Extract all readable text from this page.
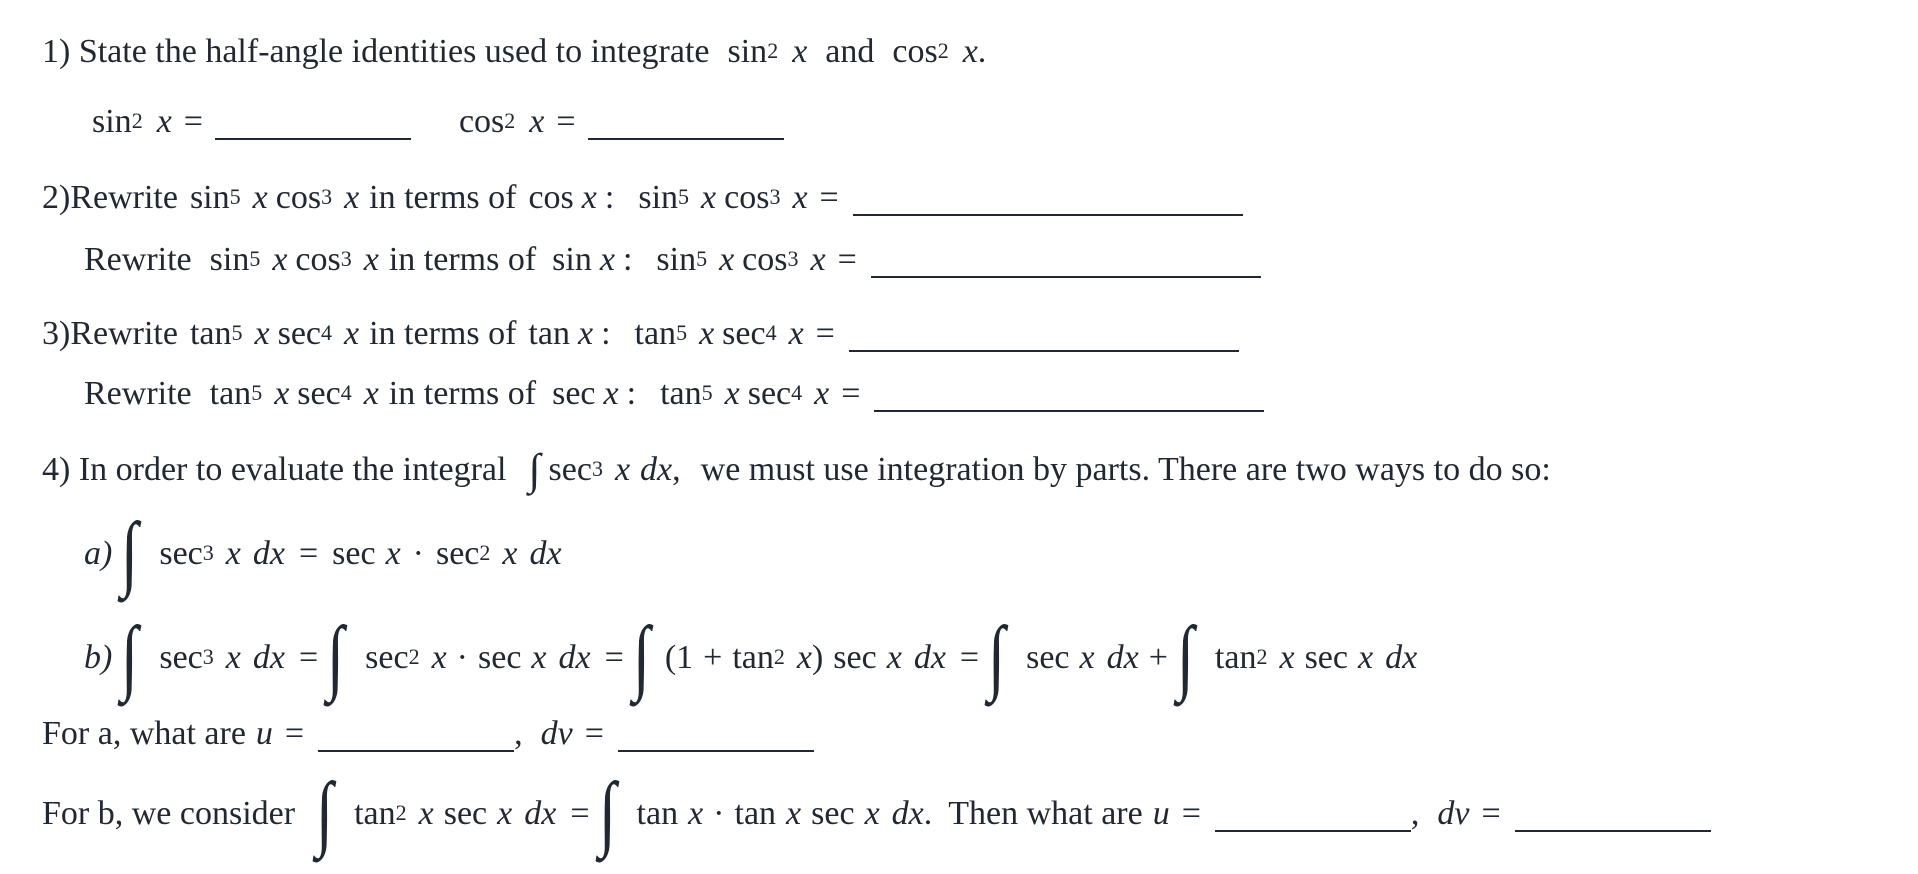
1) State the half-angle identities used to integrate $\sin^2 x$ and $\cos^2 x$ .
$\sin^2 x$ =	$\cos^2 x$ =
2)Rewrite $\sin^5 x$ $\cos^3 x$ in terms of cos x : $\sin^5 x$ $\cos^3 x$ =
Rewrite $\sin^5 x$ $\cos^3 x$ in terms of sin x : $\sin^5 x$ $\cos^3 x$ =
3)Rewrite $\tan^5 x$ $\sec^4 x$ in terms of tan x : $\tan^5 x$ $\sec^4 x$ =
Rewrite $\tan^5 x$ $\sec^4 x$ in terms of sec x : $\tan^5 x$ $\sec^4 x$ =
4) In order to evaluate the integral ∫ $\sec^3 x$ dx , we must use integration by parts. There are two ways to do so:
a) ∫ $\sec^3 x$ dx = $\sec x \cdot \sec^2 x$ dx
b) ∫ $\sec^3 x$ dx = ∫ $\sec^2 x \cdot \sec x$ dx = ∫ ( $1 + \tan^2 x$ ) sec x dx = ∫ sec x dx + ∫ $\tan^2 x$ sec x dx
For a, what are u =	, dv =
For b, we consider ∫ $\tan^2 x$ sec x dx = ∫ tan x · tan x sec x dx . Then what are u =	, dv =
